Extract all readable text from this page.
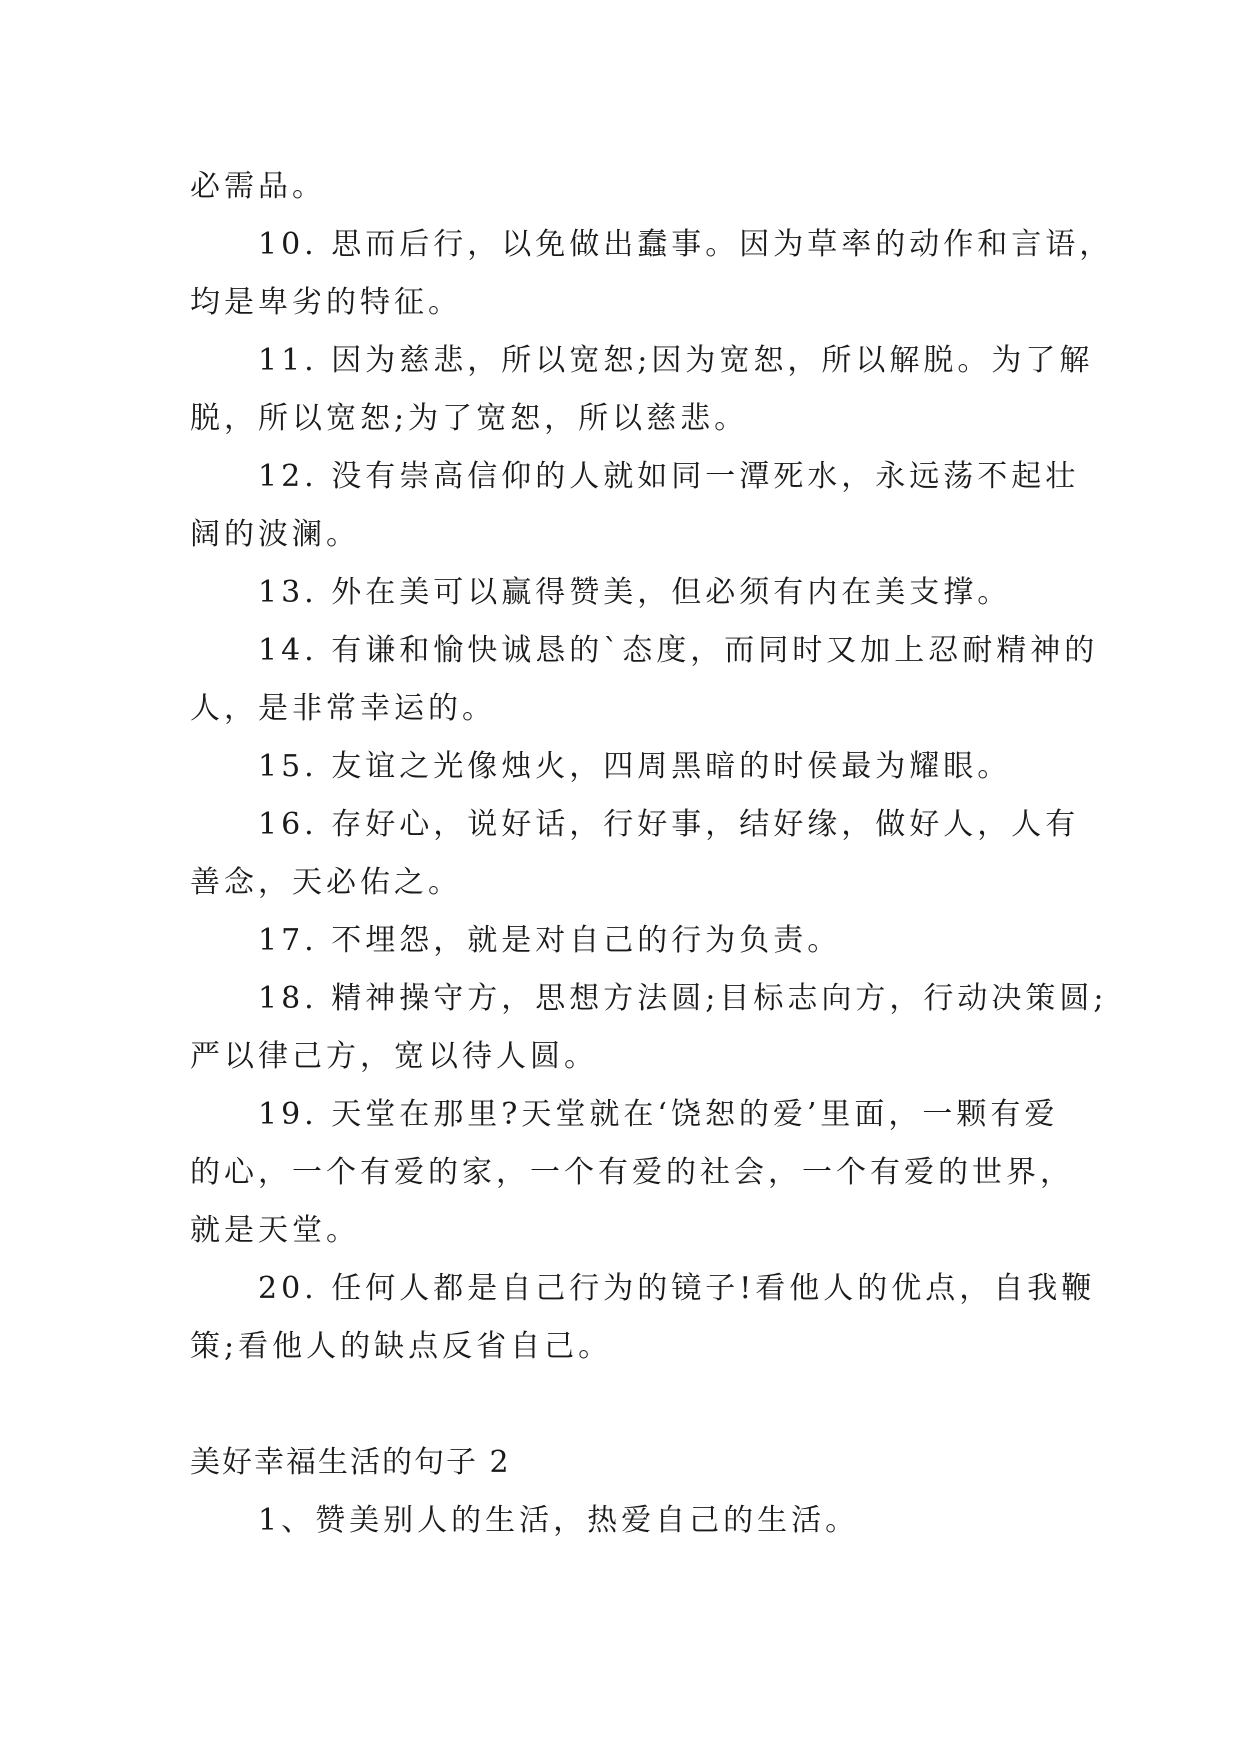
必需品。
10. 思而后行，以免做出蠢事。因为草率的动作和言语，
均是卑劣的特征。
11. 因为慈悲，所以宽恕;因为宽恕，所以解脱。为了解
脱，所以宽恕;为了宽恕，所以慈悲。
12. 没有崇高信仰的人就如同一潭死水，永远荡不起壮
阔的波澜。
13. 外在美可以赢得赞美，但必须有内在美支撑。
14. 有谦和愉快诚恳的`态度，而同时又加上忍耐精神的
人，是非常幸运的。
15. 友谊之光像烛火，四周黑暗的时侯最为耀眼。
16. 存好心，说好话，行好事，结好缘，做好人，人有
善念，天必佑之。
17. 不埋怨，就是对自己的行为负责。
18. 精神操守方，思想方法圆;目标志向方，行动决策圆;
严以律己方，宽以待人圆。
19. 天堂在那里?天堂就在‘饶恕的爱’里面，一颗有爱
的心，一个有爱的家，一个有爱的社会，一个有爱的世界，
就是天堂。
20. 任何人都是自己行为的镜子!看他人的优点，自我鞭
策;看他人的缺点反省自己。
美好幸福生活的句子 2
1、赞美别人的生活，热爱自己的生活。
